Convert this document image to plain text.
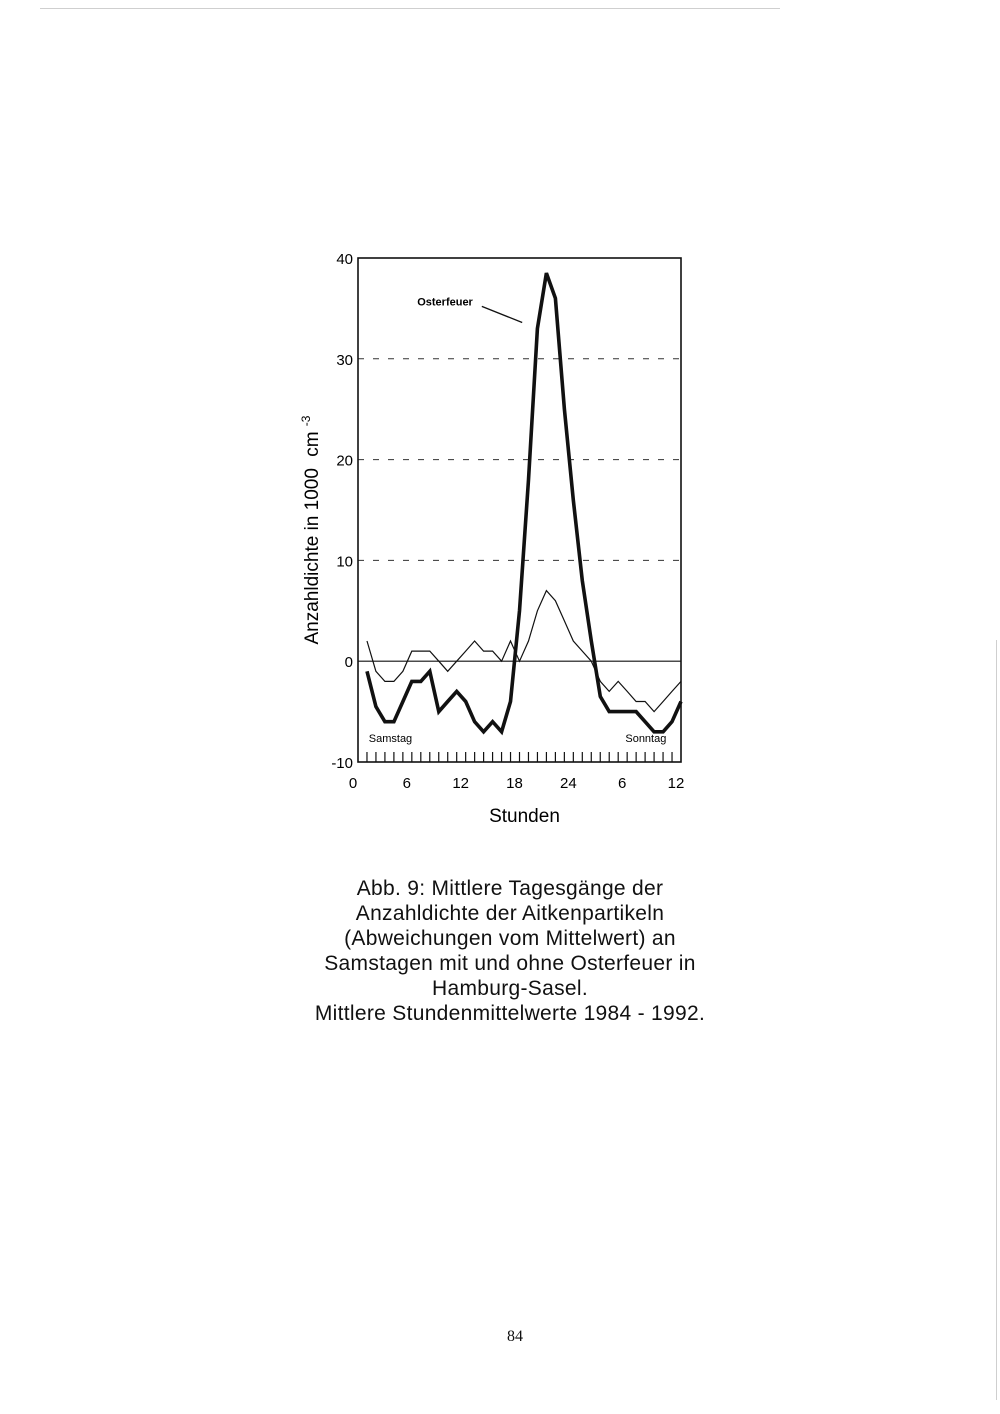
-10
0
10
20
30
40
0	6	12 18 24	6	12
Samstag	Sonntag
Osterfeuer
Anzahldichte in 1000 cm $^{-3}$
Stunden
Abb. 9: Mittlere Tagesgänge der
Anzahldichte der Aitkenpartikeln
(Abweichungen vom Mittelwert) an
Samstagen mit und ohne Osterfeuer in
Hamburg-Sasel.
Mittlere Stundenmittelwerte 1984 - 1992.
84
